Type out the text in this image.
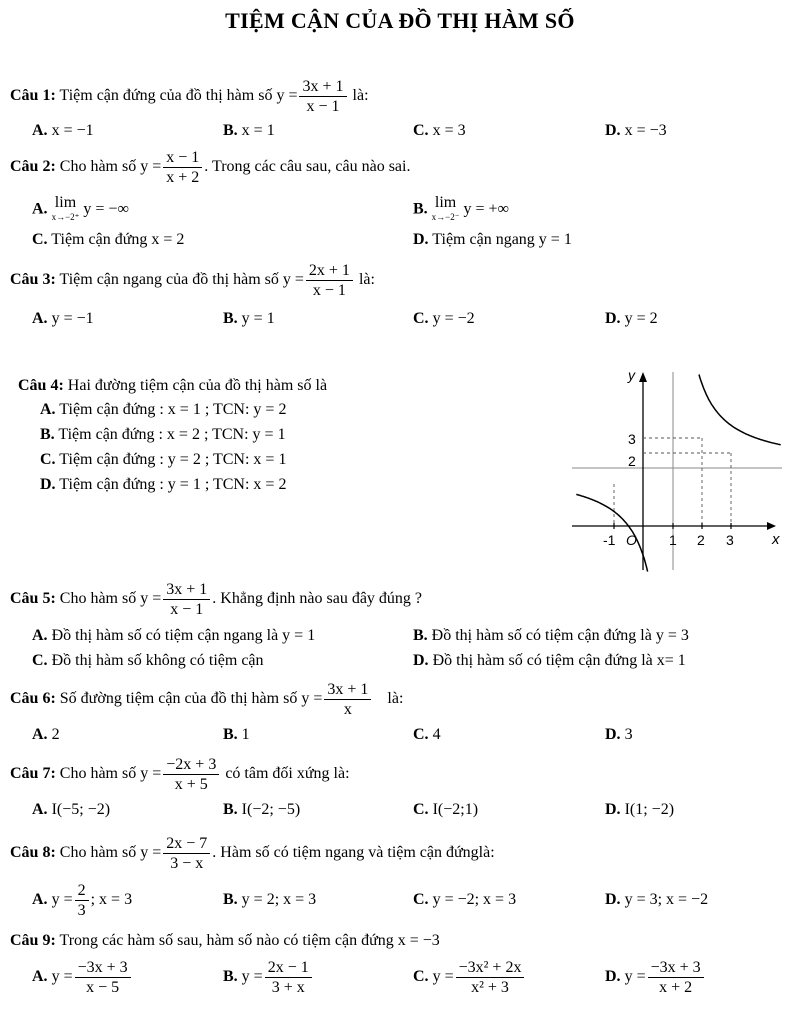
TIỆM CẬN CỦA ĐỒ THỊ HÀM SỐ
Câu 1: Tiệm cận đứng của đồ thị hàm số $y = \frac{3x + 1}{x - 1}$ là:
A. x = −1	B. x = 1	C. x = 3	D. x = −3
Câu 2: Cho hàm số $y = \frac{x - 1}{x + 2}$ . Trong các câu sau, câu nào sai.
A. lim
x→−2⁺ y = −∞	B. lim
x→−2⁻ y = +∞
C. Tiệm cận đứng x = 2	D. Tiệm cận ngang y = 1
Câu 3: Tiệm cận ngang của đồ thị hàm số $y = \frac{2x + 1}{x - 1}$ là:
A. y = −1	B. y = 1	C. y = −2	D. y = 2
Câu 4: Hai đường tiệm cận của đồ thị hàm số là
A. Tiệm cận đứng : x = 1 ; TCN: y = 2
B. Tiệm cận đứng : x = 2 ; TCN: y = 1
C. Tiệm cận đứng : y = 2 ; TCN: x = 1
D. Tiệm cận đứng : y = 1 ; TCN: x = 2
y
x
O
-1	1 2 3
3
2
Câu 5: Cho hàm số $y = \frac{3x + 1}{x - 1}$ . Khẳng định nào sau đây đúng ?
A. Đồ thị hàm số có tiệm cận ngang là y = 1	B. Đồ thị hàm số có tiệm cận đứng là y = 3
C. Đồ thị hàm số không có tiệm cận	D. Đồ thị hàm số có tiệm cận đứng là x= 1
Câu 6: Số đường tiệm cận của đồ thị hàm số $y = \frac{3x + 1}{x}$ là:
A. 2	B. 1	C. 4	D. 3
Câu 7: Cho hàm số $y = \frac{-2x + 3}{x + 5}$ có tâm đối xứng là:
A. I(−5; −2)	B. I(−2; −5)	C. I(−2;1)	D. I(1; −2)
Câu 8: Cho hàm số $y = \frac{2x - 7}{3 - x}$ . Hàm số có tiệm ngang và tiệm cận đứnglà:
A. $y = \frac{2}{3}$ ; x = 3	B. y = 2; x = 3	C. y = −2; x = 3	D. y = 3; x = −2
Câu 9: Trong các hàm số sau, hàm số nào có tiệm cận đứng x = −3
A. $y = \frac{-3x + 3}{x - 5}$	B. $y = \frac{2x - 1}{3 + x}$	C. $y = \frac{\text{−3x² + 2x}}{\text{x² + 3}}$	D. $y = \frac{-3x + 3}{x + 2}$
